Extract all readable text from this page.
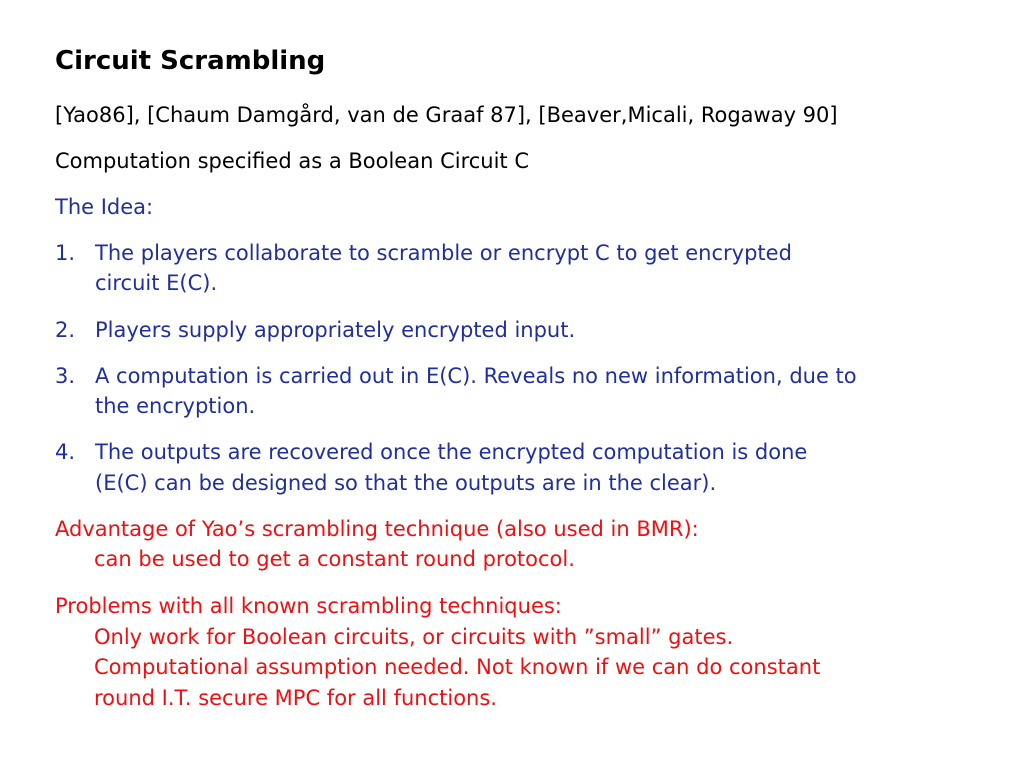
Circuit Scrambling
[Yao86], [Chaum Damgård, van de Graaf 87], [Beaver,Micali, Rogaway 90]
Computation specified as a Boolean Circuit C
The Idea:
1. The players collaborate to scramble or encrypt C to get encrypted
circuit E(C).
2. Players supply appropriately encrypted input.
3. A computation is carried out in E(C). Reveals no new information, due to
the encryption.
4. The outputs are recovered once the encrypted computation is done
(E(C) can be designed so that the outputs are in the clear).
Advantage of Yao’s scrambling technique (also used in BMR):
can be used to get a constant round protocol.
Problems with all known scrambling techniques:
Only work for Boolean circuits, or circuits with ”small” gates.
Computational assumption needed. Not known if we can do constant
round I.T. secure MPC for all functions.
